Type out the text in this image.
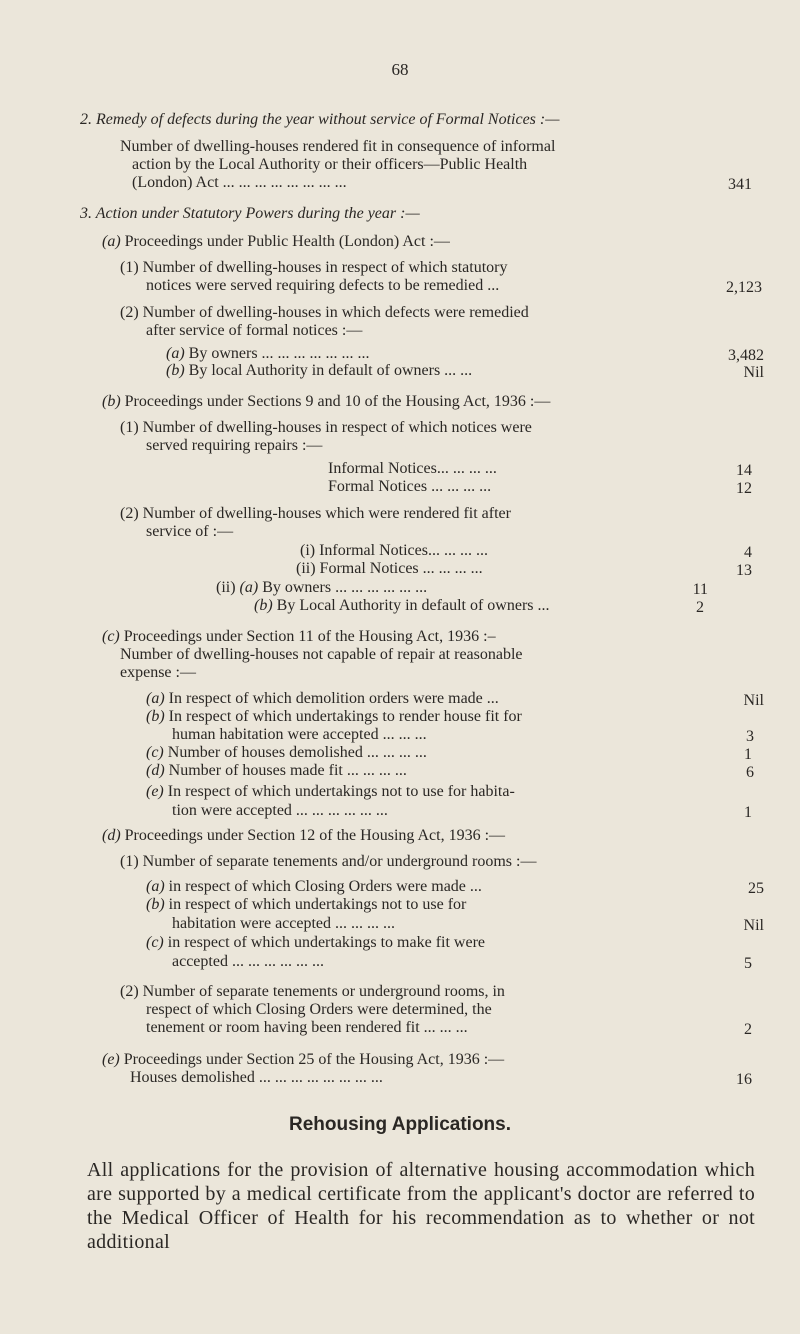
68
2. Remedy of defects during the year without service of Formal Notices :—
Number of dwelling-houses rendered fit in consequence of informal
action by the Local Authority or their officers—Public Health
(London) Act ... ... ... ... ... ... ... ...	341
3. Action under Statutory Powers during the year :—
(a) Proceedings under Public Health (London) Act :—
(1) Number of dwelling-houses in respect of which statutory
notices were served requiring defects to be remedied ...	2,123
(2) Number of dwelling-houses in which defects were remedied
after service of formal notices :—
(a) By owners ... ... ... ... ... ... ...	3,482
(b) By local Authority in default of owners ... ...	Nil
(b) Proceedings under Sections 9 and 10 of the Housing Act, 1936 :—
(1) Number of dwelling-houses in respect of which notices were
served requiring repairs :—
Informal Notices... ... ... ...	14
Formal Notices ... ... ... ...	12
(2) Number of dwelling-houses which were rendered fit after
service of :—
(i) Informal Notices... ... ... ...	4
(ii) Formal Notices ... ... ... ...	13
(ii) (a) By owners ... ... ... ... ... ...	11
(b) By Local Authority in default of owners ...	2
(c) Proceedings under Section 11 of the Housing Act, 1936 :–
Number of dwelling-houses not capable of repair at reasonable
expense :—
(a) In respect of which demolition orders were made ...	Nil
(b) In respect of which undertakings to render house fit for
human habitation were accepted ... ... ...	3
(c) Number of houses demolished ... ... ... ...	1
(d) Number of houses made fit ... ... ... ...	6
(e) In respect of which undertakings not to use for habita-
tion were accepted ... ... ... ... ... ...	1
(d) Proceedings under Section 12 of the Housing Act, 1936 :—
(1) Number of separate tenements and/or underground rooms :—
(a) in respect of which Closing Orders were made ...	25
(b) in respect of which undertakings not to use for
habitation were accepted ... ... ... ...	Nil
(c) in respect of which undertakings to make fit were
accepted ... ... ... ... ... ...	5
(2) Number of separate tenements or underground rooms, in
respect of which Closing Orders were determined, the
tenement or room having been rendered fit ... ... ...	2
(e) Proceedings under Section 25 of the Housing Act, 1936 :—
Houses demolished ... ... ... ... ... ... ... ...	16
Rehousing Applications.
All applications for the provision of alternative housing accommodation which are supported by a medical certificate from the applicant's doctor are referred to the Medical Officer of Health for his recommendation as to whether or not additional
